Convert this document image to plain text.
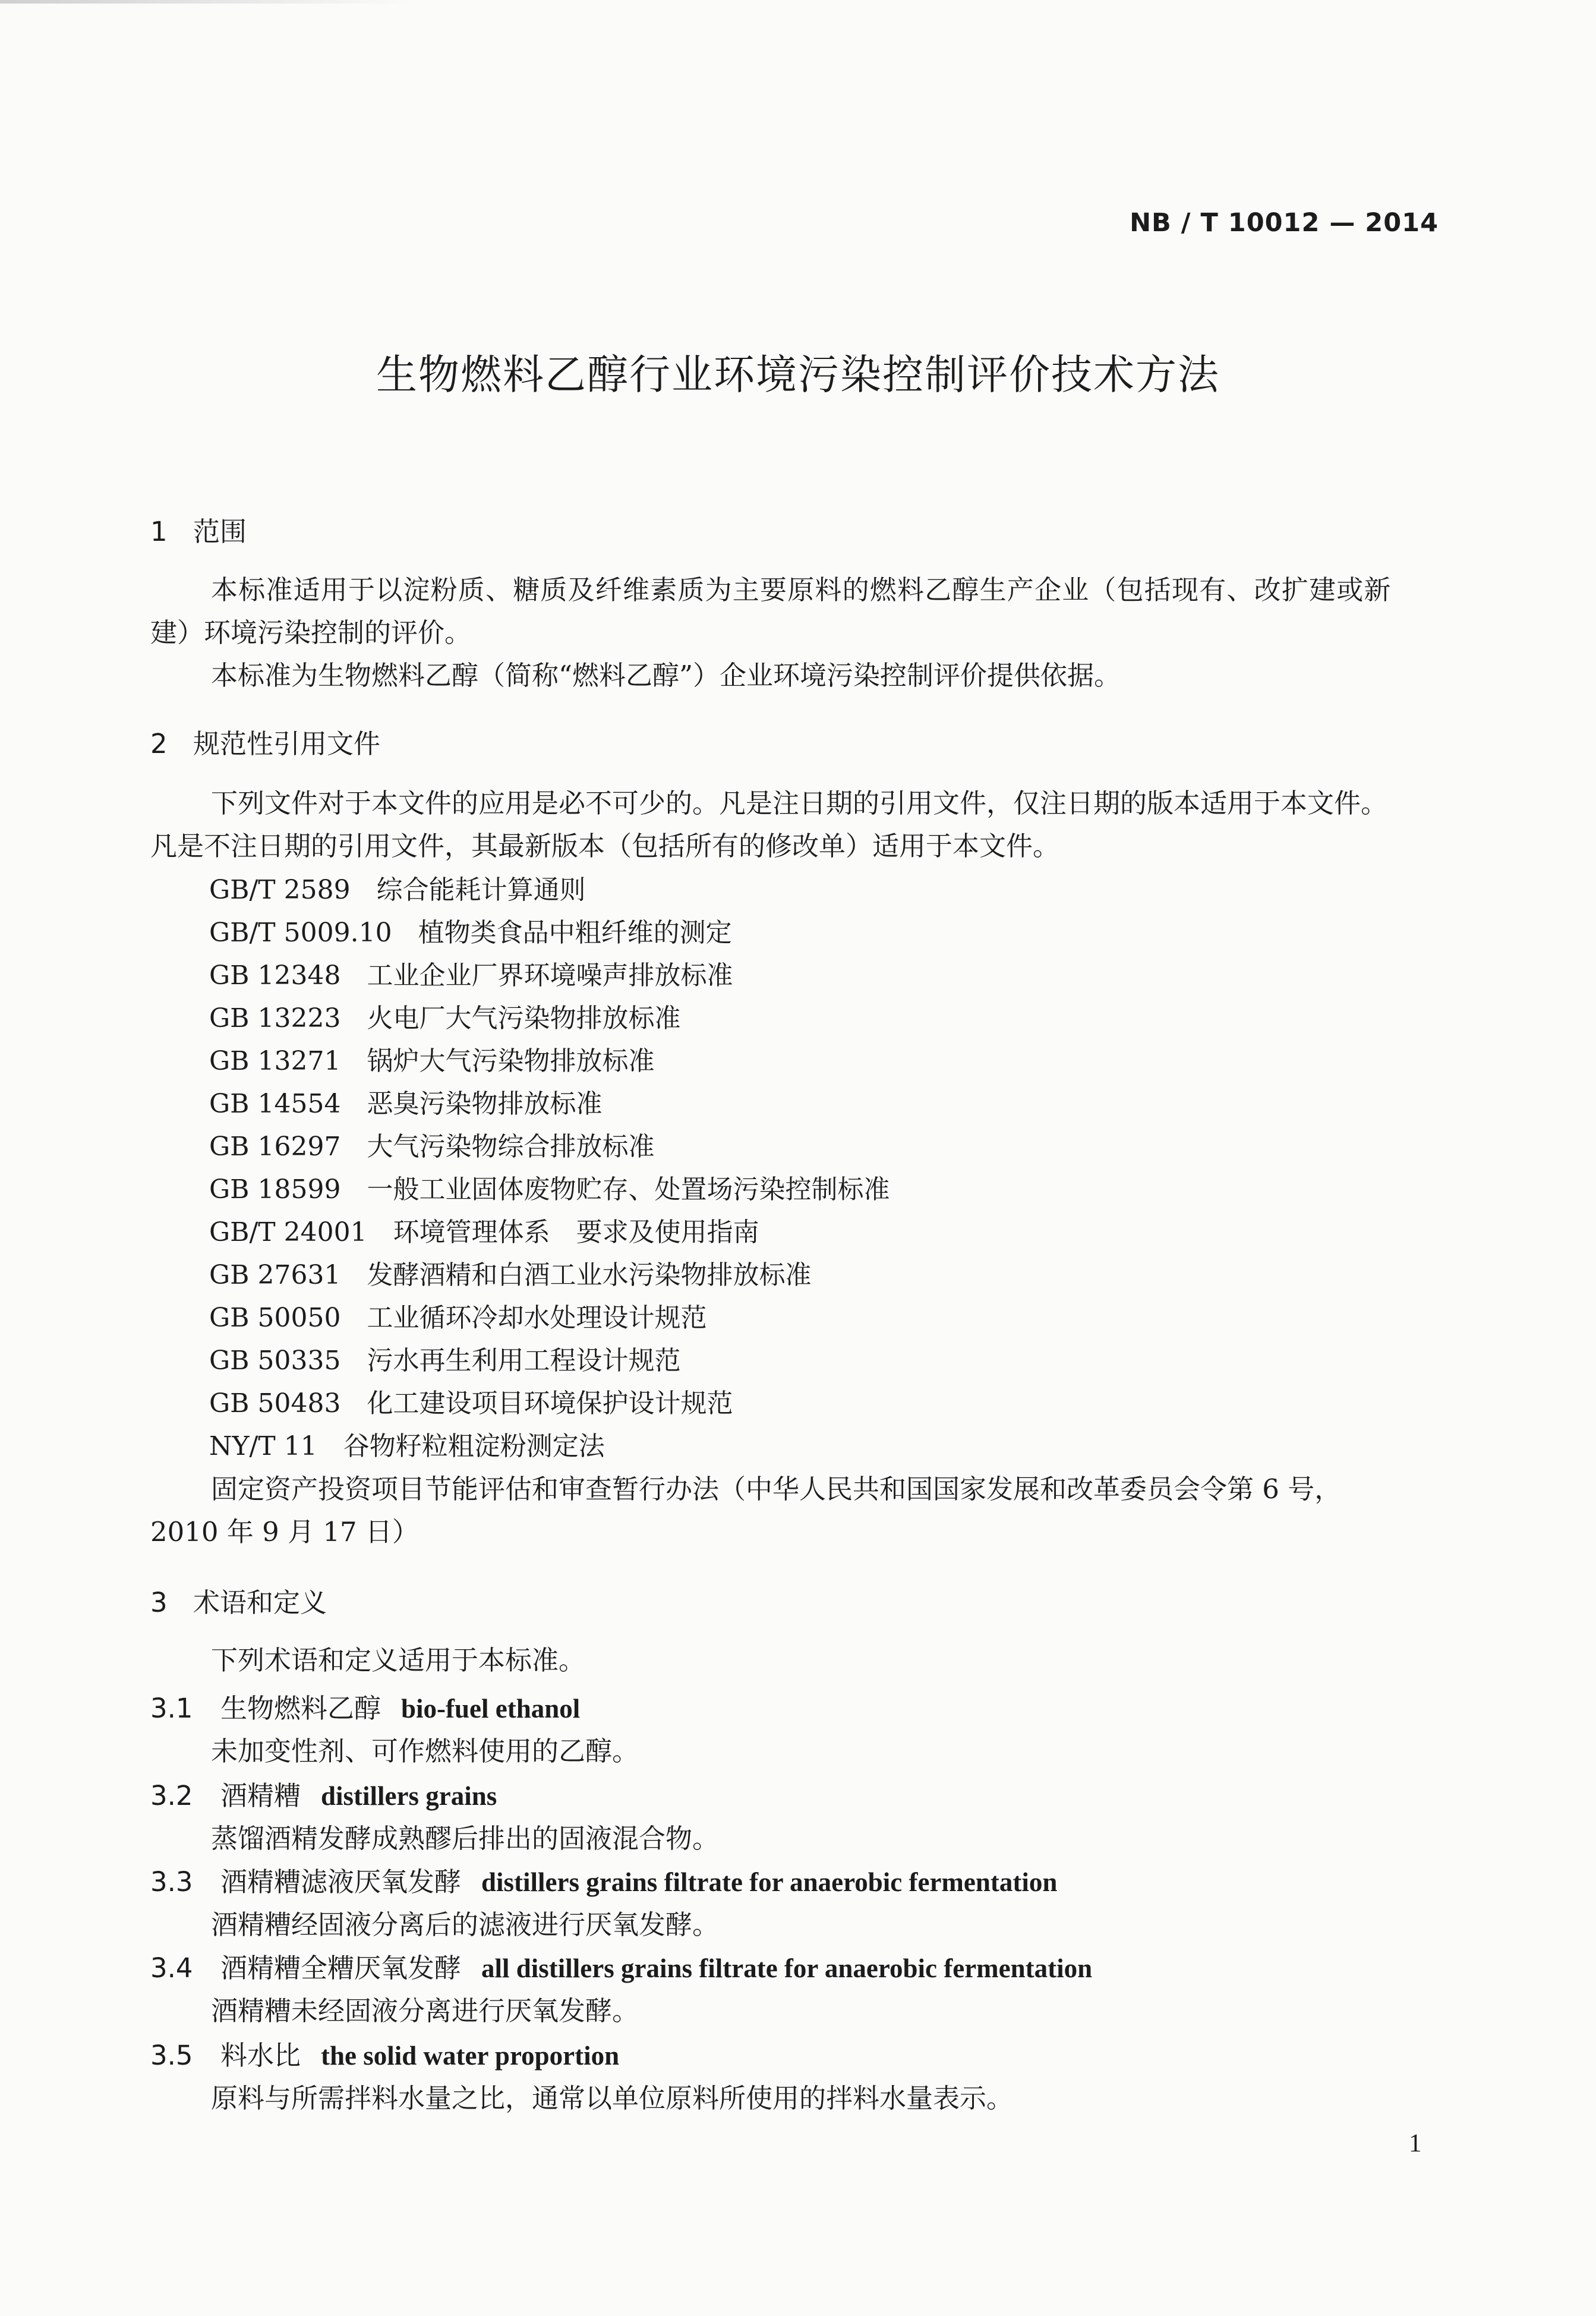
NB / T 10012 — 2014
生物燃料乙醇行业环境污染控制评价技术方法
1 范围
本标准适用于以淀粉质、糖质及纤维素质为主要原料的燃料乙醇生产企业（包括现有、改扩建或新
建）环境污染控制的评价。
本标准为生物燃料乙醇（简称“燃料乙醇”）企业环境污染控制评价提供依据。
2 规范性引用文件
下列文件对于本文件的应用是必不可少的。凡是注日期的引用文件，仅注日期的版本适用于本文件。
凡是不注日期的引用文件，其最新版本（包括所有的修改单）适用于本文件。
GB/T 2589　 综合能耗计算通则
GB/T 5009.10　 植物类食品中粗纤维的测定
GB 12348　 工业企业厂界环境噪声排放标准
GB 13223　 火电厂大气污染物排放标准
GB 13271　 锅炉大气污染物排放标准
GB 14554　 恶臭污染物排放标准
GB 16297　 大气污染物综合排放标准
GB 18599　 一般工业固体废物贮存、处置场污染控制标准
GB/T 24001　 环境管理体系　要求及使用指南
GB 27631　 发酵酒精和白酒工业水污染物排放标准
GB 50050　 工业循环冷却水处理设计规范
GB 50335　 污水再生利用工程设计规范
GB 50483　 化工建设项目环境保护设计规范
NY/T 11　 谷物籽粒粗淀粉测定法
固定资产投资项目节能评估和审查暂行办法（中华人民共和国国家发展和改革委员会令第 6 号，
2010 年 9 月 17 日）
3 术语和定义
下列术语和定义适用于本标准。
3.1 生物燃料乙醇 bio-fuel ethanol
未加变性剂、可作燃料使用的乙醇。
3.2 酒精糟 distillers grains
蒸馏酒精发酵成熟醪后排出的固液混合物。
3.3 酒精糟滤液厌氧发酵 distillers grains filtrate for anaerobic fermentation
酒精糟经固液分离后的滤液进行厌氧发酵。
3.4 酒精糟全糟厌氧发酵 all distillers grains filtrate for anaerobic fermentation
酒精糟未经固液分离进行厌氧发酵。
3.5 料水比 the solid water proportion
原料与所需拌料水量之比，通常以单位原料所使用的拌料水量表示。
1
